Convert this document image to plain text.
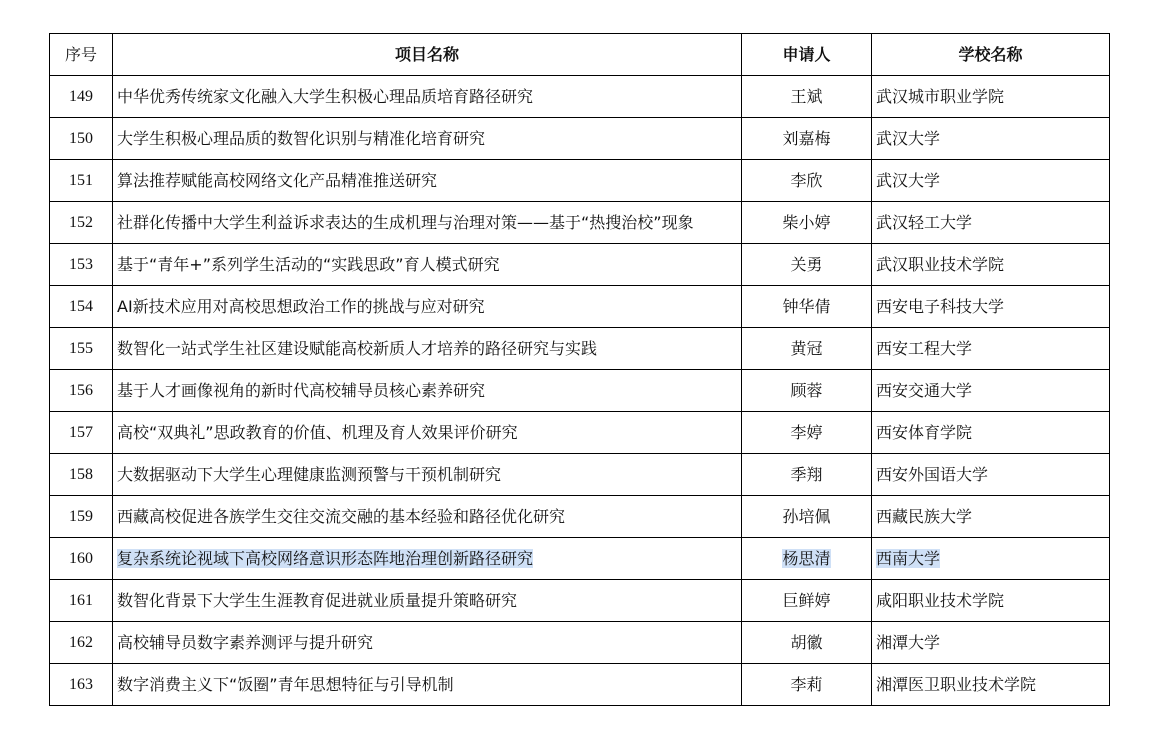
序号	项目名称	申请人	学校名称
149	中华优秀传统家文化融入大学生积极心理品质培育路径研究	王斌	武汉城市职业学院
150	大学生积极心理品质的数智化识别与精准化培育研究	刘嘉梅	武汉大学
151	算法推荐赋能高校网络文化产品精准推送研究	李欣	武汉大学
152	社群化传播中大学生利益诉求表达的生成机理与治理对策——基于“热搜治校”现象	柴小婷	武汉轻工大学
153	基于“青年+”系列学生活动的“实践思政”育人模式研究	关勇	武汉职业技术学院
154	AI新技术应用对高校思想政治工作的挑战与应对研究	钟华倩	西安电子科技大学
155	数智化一站式学生社区建设赋能高校新质人才培养的路径研究与实践	黄冠	西安工程大学
156	基于人才画像视角的新时代高校辅导员核心素养研究	顾蓉	西安交通大学
157	高校“双典礼”思政教育的价值、机理及育人效果评价研究	李婷	西安体育学院
158	大数据驱动下大学生心理健康监测预警与干预机制研究	季翔	西安外国语大学
159	西藏高校促进各族学生交往交流交融的基本经验和路径优化研究	孙培佩	西藏民族大学
160	复杂系统论视域下高校网络意识形态阵地治理创新路径研究	杨思清	西南大学
161	数智化背景下大学生生涯教育促进就业质量提升策略研究	巨鲜婷	咸阳职业技术学院
162	高校辅导员数字素养测评与提升研究	胡徽	湘潭大学
163	数字消费主义下“饭圈”青年思想特征与引导机制	李莉	湘潭医卫职业技术学院
